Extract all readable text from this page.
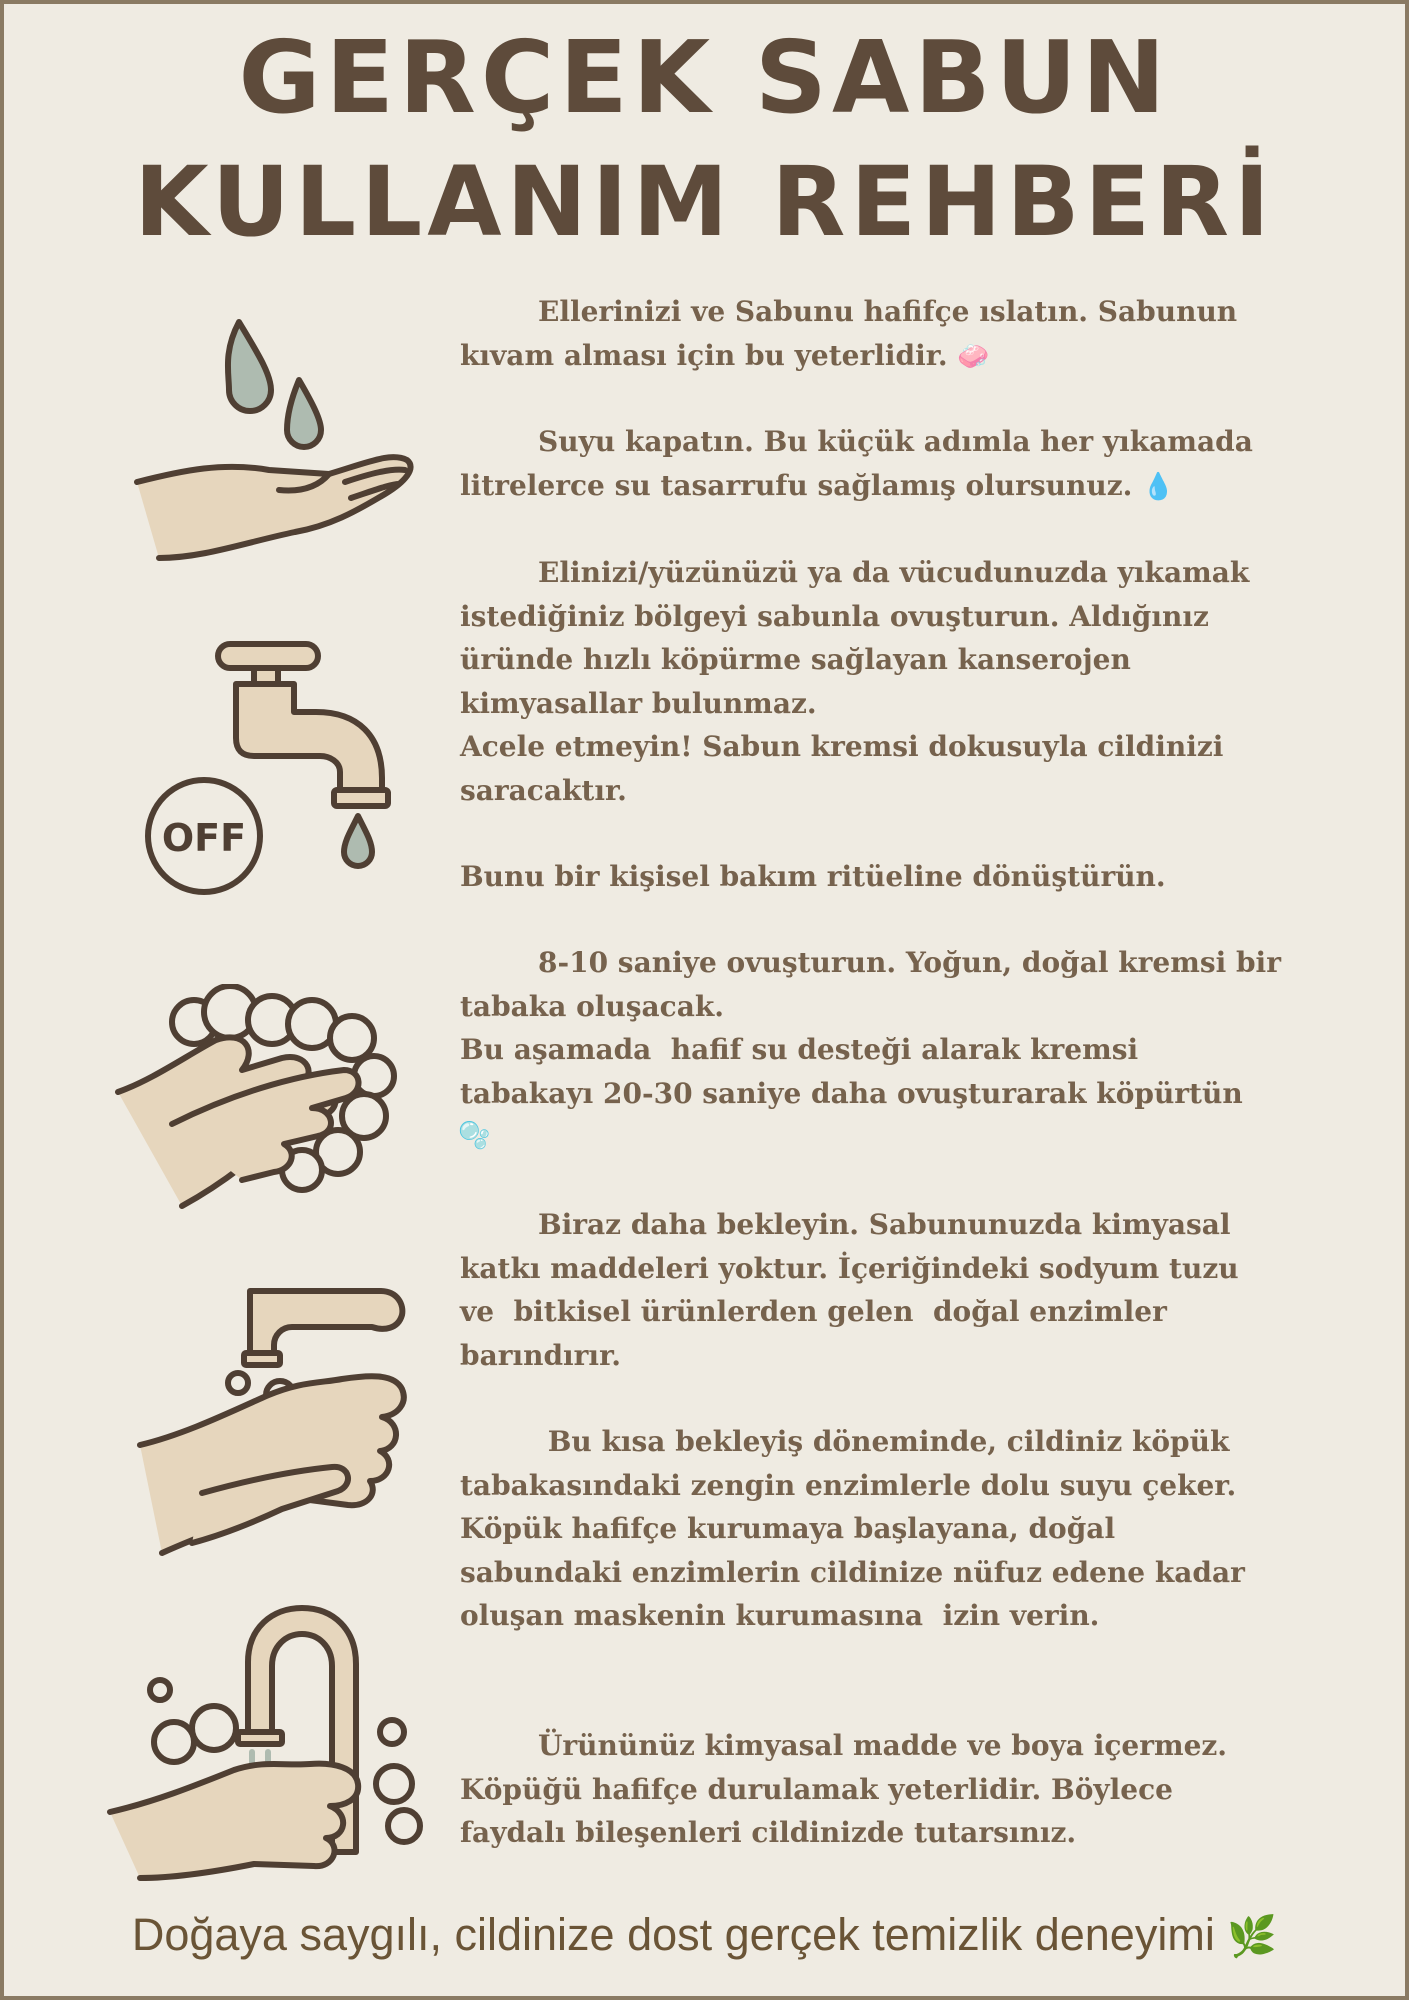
GERÇEK SABUN
KULLANIM REHBERİ
OFF

Ellerinizi ve Sabunu hafifçe ıslatın. Sabunun
kıvam alması için bu yeterlidir. 🧼

Suyu kapatın. Bu küçük adımla her yıkamada
litrelerce su tasarrufu sağlamış olursunuz. 💧

Elinizi/yüzünüzü ya da vücudunuzda yıkamak
istediğiniz bölgeyi sabunla ovuşturun. Aldığınız
üründe hızlı köpürme sağlayan kanserojen
kimyasallar bulunmaz.
Acele etmeyin! Sabun kremsi dokusuyla cildinizi
saracaktır.

Bunu bir kişisel bakım ritüeline dönüştürün.

8-10 saniye ovuşturun. Yoğun, doğal kremsi bir
tabaka oluşacak.
Bu aşamada  hafif su desteği alarak kremsi
tabakayı 20-30 saniye daha ovuşturarak köpürtün

🫧

Biraz daha bekleyin. Sabununuzda kimyasal
katkı maddeleri yoktur. İçeriğindeki sodyum tuzu
ve  bitkisel ürünlerden gelen  doğal enzimler
barındırır.

Bu kısa bekleyiş döneminde, cildiniz köpük
tabakasındaki zengin enzimlerle dolu suyu çeker.
Köpük hafifçe kurumaya başlayana, doğal
sabundaki enzimlerin cildinize nüfuz edene kadar
oluşan maskenin kurumasına  izin verin.

Ürününüz kimyasal madde ve boya içermez.
Köpüğü hafifçe durulamak yeterlidir. Böylece
faydalı bileşenleri cildinizde tutarsınız.

Doğaya saygılı, cildinize dost gerçek temizlik deneyimi 🌿
